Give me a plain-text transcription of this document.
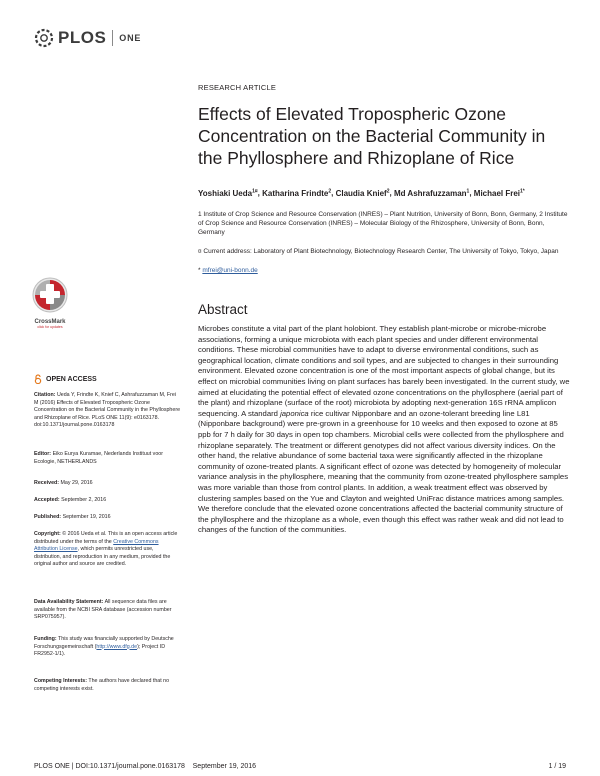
PLOS ONE
RESEARCH ARTICLE
Effects of Elevated Tropospheric Ozone Concentration on the Bacterial Community in the Phyllosphere and Rhizoplane of Rice
Yoshiaki Ueda$^{1¤}$, Katharina Frindte$^2$, Claudia Knief$^2$, Md Ashrafuzzaman$^1$, Michael Frei$^{1*}$
1 Institute of Crop Science and Resource Conservation (INRES) – Plant Nutrition, University of Bonn, Bonn, Germany, 2 Institute of Crop Science and Resource Conservation (INRES) – Molecular Biology of the Rhizosphere, University of Bonn, Bonn, Germany
¤ Current address: Laboratory of Plant Biotechnology, Biotechnology Research Center, The University of Tokyo, Tokyo, Japan
* mfrei@uni-bonn.de
Abstract

Microbes constitute a vital part of the plant holobiont. They establish plant-microbe or microbe-microbe associations, forming a unique microbiota with each plant species and under different environmental conditions. These microbial communities have to adapt to diverse environmental conditions, such as geographical location, climate conditions and soil types, and are subjected to changes in their surrounding environment. Elevated ozone concentration is one of the most important aspects of global change, but its effect on microbial communities living on plant surfaces has barely been investigated. In the current study, we aimed at elucidating the potential effect of elevated ozone concentrations on the phyllosphere (aerial part of the plant) and rhizoplane (surface of the root) microbiota by adopting next-generation 16S rRNA amplicon sequencing. A standard japonica rice cultivar Nipponbare and an ozone-tolerant breeding line L81 (Nipponbare background) were pre-grown in a greenhouse for 10 weeks and then exposed to ozone at 85 ppb for 7 h daily for 30 days in open top chambers. Microbial cells were collected from the phyllosphere and rhizoplane separately. The treatment or different genotypes did not affect various diversity indices. On the other hand, the relative abundance of some bacterial taxa were significantly affected in the rhizoplane community of ozone-treated plants. A significant effect of ozone was detected by homogeneity of molecular variance analysis in the phyllosphere, meaning that the community from ozone-treated phyllosphere samples was more variable than those from control plants. In addition, a weak treatment effect was observed by clustering samples based on the Yue and Clayton and weighted UniFrac distance matrices among samples. We therefore conclude that the elevated ozone concentrations affected the bacterial community structure of the phyllosphere and the rhizoplane as a whole, even though this effect was rather weak and did not lead to changes of the function of the communities.

CrossMark
click for updates
OPEN ACCESS
Citation: Ueda Y, Frindte K, Knief C, Ashrafuzzaman M, Frei M (2016) Effects of Elevated Tropospheric Ozone Concentration on the Bacterial Community in the Phyllosphere and Rhizoplane of Rice. PLoS ONE 11(9): e0163178. doi:10.1371/journal.pone.0163178
Editor: Eiko Eurya Kuramae, Nederlands Instituut voor Ecologie, NETHERLANDS
Received: May 29, 2016
Accepted: September 2, 2016
Published: September 19, 2016
Copyright: © 2016 Ueda et al. This is an open access article distributed under the terms of the Creative Commons Attribution License, which permits unrestricted use, distribution, and reproduction in any medium, provided the original author and source are credited.
Data Availability Statement: All sequence data files are available from the NCBI SRA database (accession number SRP075957).
Funding: This study was financially supported by Deutsche Forschungsgemeinschaft (http://www.dfg.de); Project ID FR2952-1/1).
Competing Interests: The authors have declared that no competing interests exist.
PLOS ONE | DOI:10.1371/journal.pone.0163178    September 19, 2016	1 / 19
